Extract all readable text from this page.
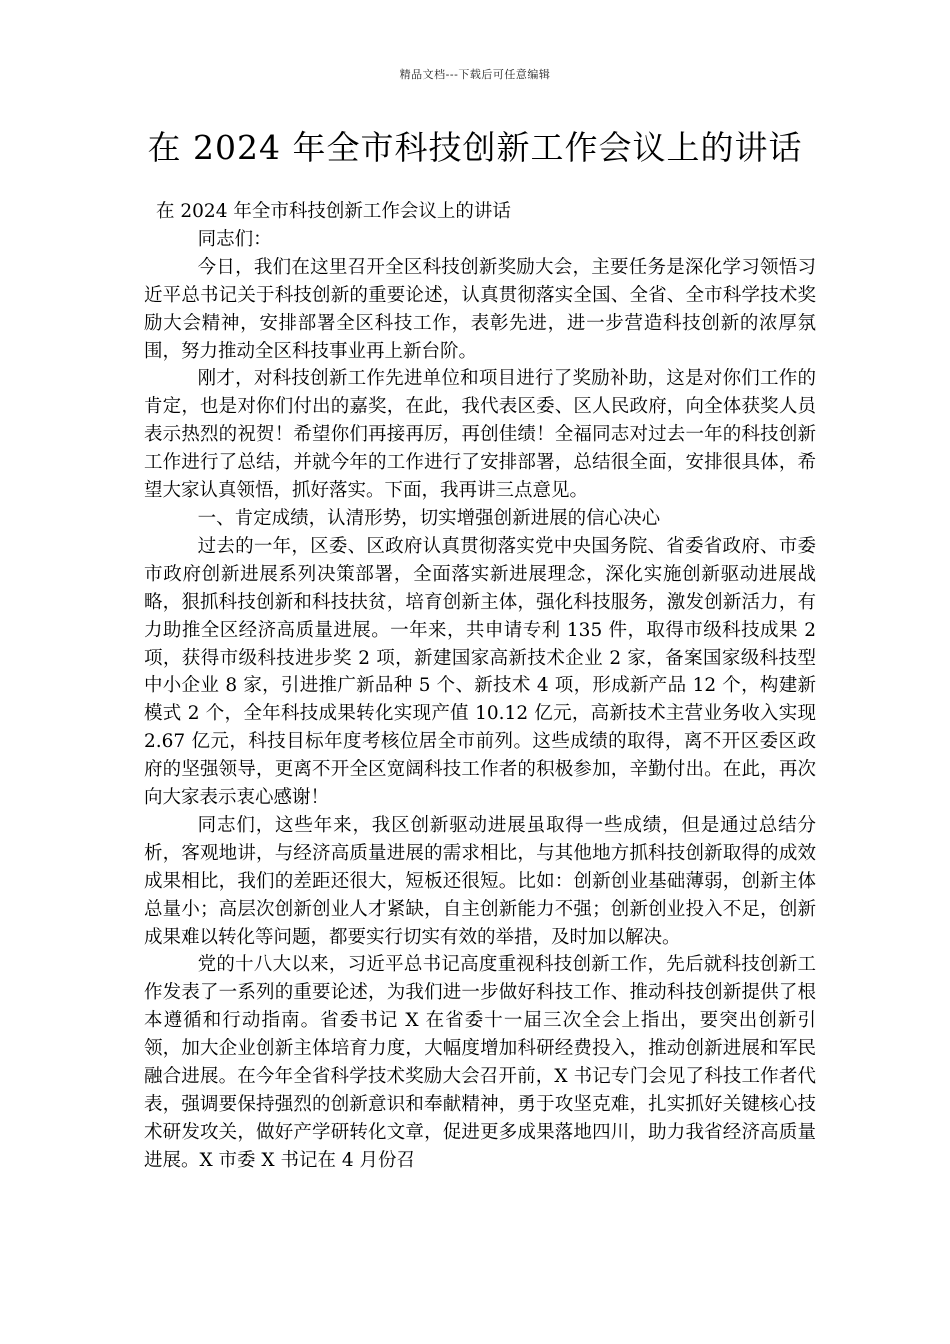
精品文档---下载后可任意编辑
在 2024 年全市科技创新工作会议上的讲话

在 2024 年全市科技创新工作会议上的讲话

同志们：

今日，我们在这里召开全区科技创新奖励大会，主要任务是深化学习领悟习近平总书记关于科技创新的重要论述，认真贯彻落实全国、全省、全市科学技术奖励大会精神，安排部署全区科技工作，表彰先进，进一步营造科技创新的浓厚氛围，努力推动全区科技事业再上新台阶。

刚才，对科技创新工作先进单位和项目进行了奖励补助，这是对你们工作的肯定，也是对你们付出的嘉奖，在此，我代表区委、区人民政府，向全体获奖人员表示热烈的祝贺！希望你们再接再厉，再创佳绩！全福同志对过去一年的科技创新工作进行了总结，并就今年的工作进行了安排部署，总结很全面，安排很具体，希望大家认真领悟，抓好落实。下面，我再讲三点意见。

一、肯定成绩，认清形势，切实增强创新进展的信心决心

过去的一年，区委、区政府认真贯彻落实党中央国务院、省委省政府、市委市政府创新进展系列决策部署，全面落实新进展理念，深化实施创新驱动进展战略，狠抓科技创新和科技扶贫，培育创新主体，强化科技服务，激发创新活力，有力助推全区经济高质量进展。一年来，共申请专利 135 件，取得市级科技成果 2 项，获得市级科技进步奖 2 项，新建国家高新技术企业 2 家，备案国家级科技型中小企业 8 家，引进推广新品种 5 个、新技术 4 项，形成新产品 12 个，构建新模式 2 个，全年科技成果转化实现产值 10.12 亿元，高新技术主营业务收入实现 2.67 亿元，科技目标年度考核位居全市前列。这些成绩的取得，离不开区委区政府的坚强领导，更离不开全区宽阔科技工作者的积极参加，辛勤付出。在此，再次向大家表示衷心感谢！

同志们，这些年来，我区创新驱动进展虽取得一些成绩，但是通过总结分析，客观地讲，与经济高质量进展的需求相比，与其他地方抓科技创新取得的成效成果相比，我们的差距还很大，短板还很短。比如：创新创业基础薄弱，创新主体总量小；高层次创新创业人才紧缺，自主创新能力不强；创新创业投入不足，创新成果难以转化等问题，都要实行切实有效的举措，及时加以解决。

党的十八大以来，习近平总书记高度重视科技创新工作，先后就科技创新工作发表了一系列的重要论述，为我们进一步做好科技工作、推动科技创新提供了根本遵循和行动指南。省委书记 X 在省委十一届三次全会上指出，要突出创新引领，加大企业创新主体培育力度，大幅度增加科研经费投入，推动创新进展和军民融合进展。在今年全省科学技术奖励大会召开前，X 书记专门会见了科技工作者代表，强调要保持强烈的创新意识和奉献精神，勇于攻坚克难，扎实抓好关键核心技术研发攻关，做好产学研转化文章，促进更多成果落地四川，助力我省经济高质量进展。X 市委 X 书记在 4 月份召
